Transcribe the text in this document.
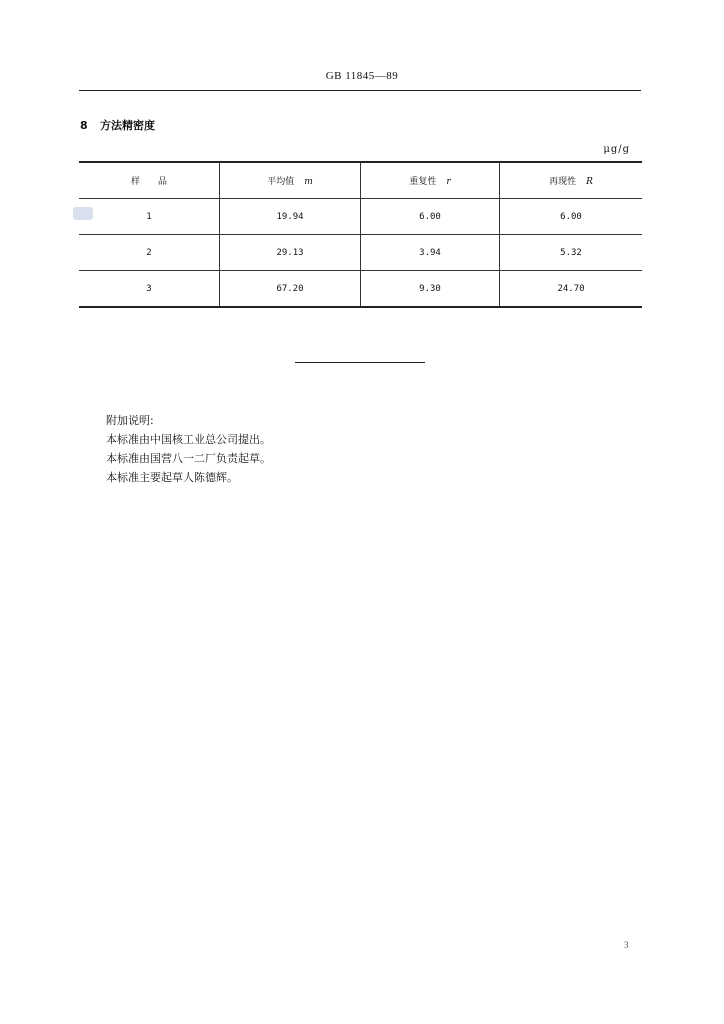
GB 11845—89
8 方法精密度
μg/g
样　　品	平均值 m	重复性 r	再现性 R
1	19.94	6.00	6.00
2	29.13	3.94	5.32
3	67.20	9.30	24.70
附加说明:
本标准由中国核工业总公司提出。
本标准由国营八一二厂负责起草。
本标准主要起草人陈德辉。
3
